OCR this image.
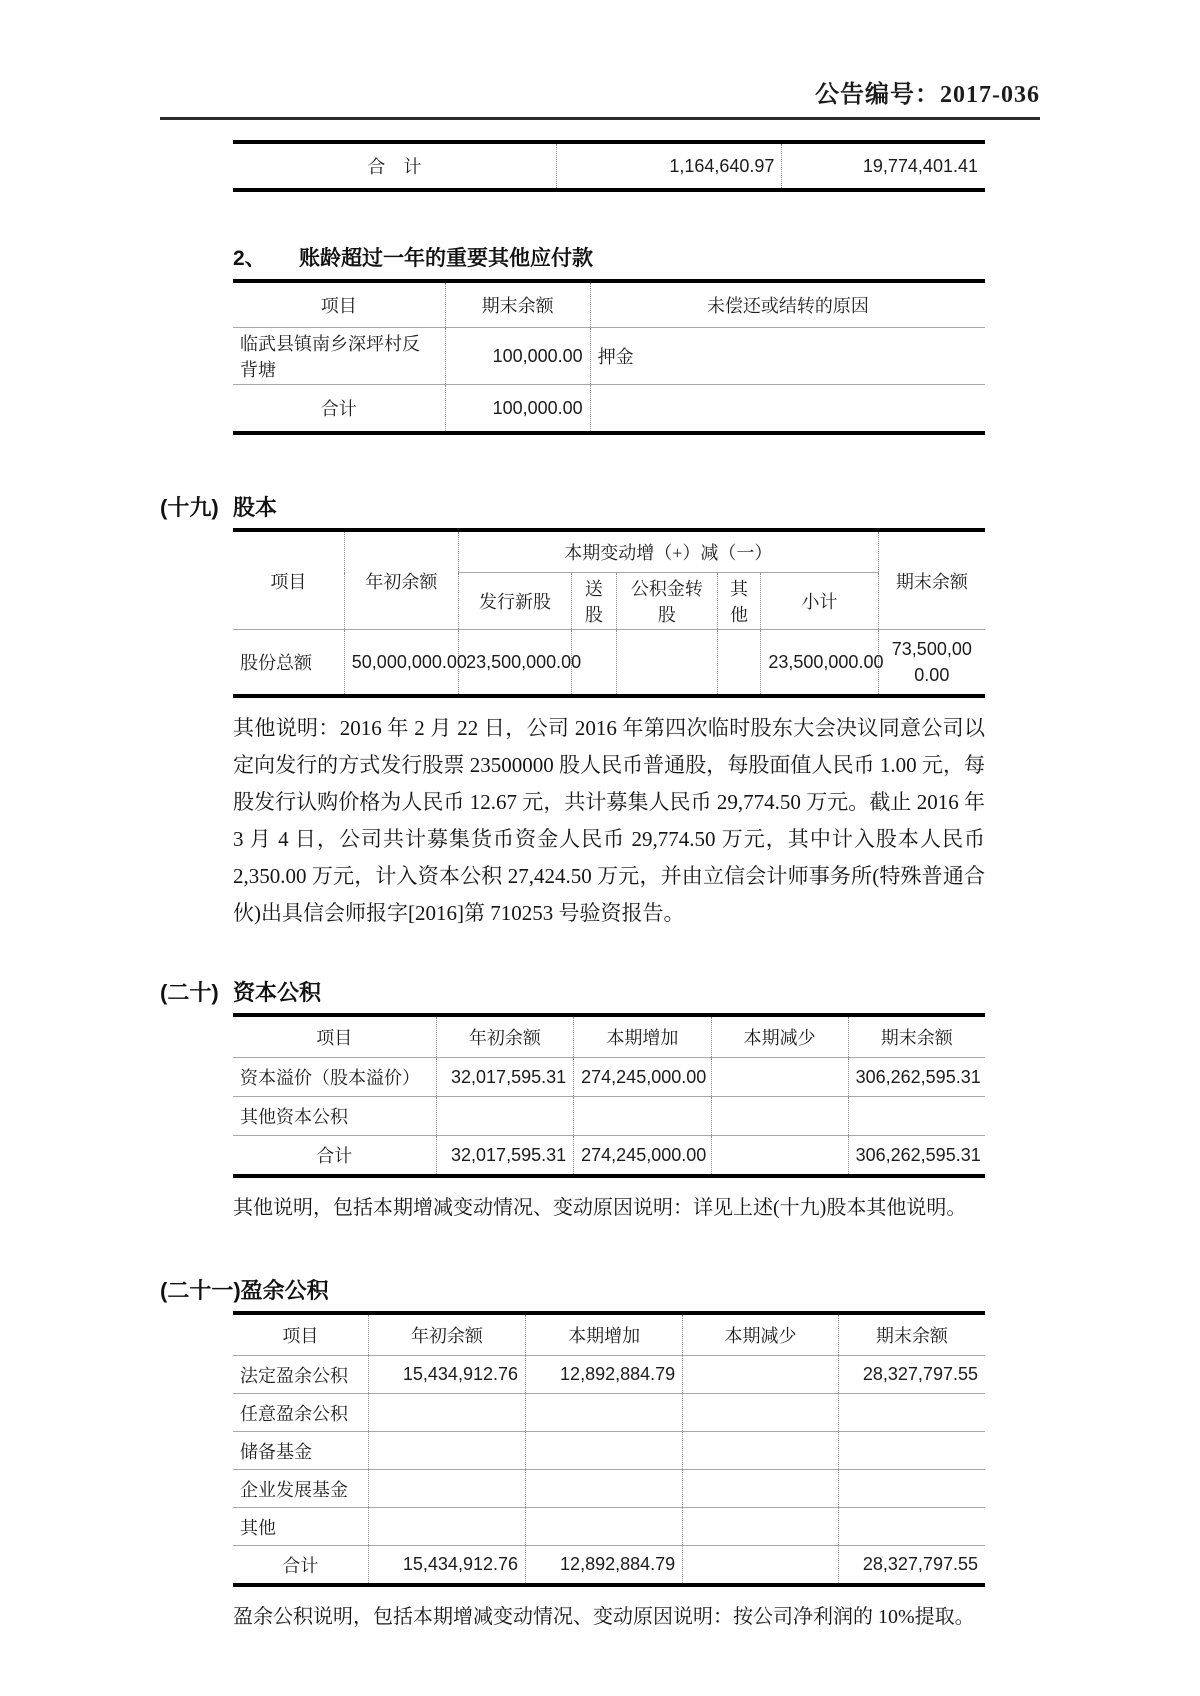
公告编号：2017-036
合　计	1,164,640.97	19,774,401.41
2、	账龄超过一年的重要其他应付款
项目	期末余额	未偿还或结转的原因
临武县镇南乡深坪村反背塘	100,000.00	押金
合计	100,000.00	
(十九) 股本
项目	年初余额	本期变动增（+）减（一）					期末余额
		发行新股	送股	公积金转股	其他	小计	
股份总额	50,000,000.00	23,500,000.00				23,500,000.00	73,500,000.00

其他说明：2016 年 2 月 22 日，公司 2016 年第四次临时股东大会决议同意公司以定向发行的方式发行股票 23500000 股人民币普通股，每股面值人民币 1.00 元，每股发行认购价格为人民币 12.67 元，共计募集人民币 29,774.50 万元。截止 2016 年 3 月 4 日，公司共计募集货币资金人民币 29,774.50 万元，其中计入股本人民币 2,350.00 万元，计入资本公积 27,424.50 万元，并由立信会计师事务所(特殊普通合伙)出具信会师报字[2016]第 710253 号验资报告。

(二十) 资本公积
项目	年初余额	本期增加	本期减少	期末余额
资本溢价（股本溢价）	32,017,595.31	274,245,000.00		306,262,595.31
其他资本公积				
合计	32,017,595.31	274,245,000.00		306,262,595.31

其他说明，包括本期增减变动情况、变动原因说明：详见上述(十九)股本其他说明。

(二十一) 盈余公积
项目	年初余额	本期增加	本期减少	期末余额
法定盈余公积	15,434,912.76	12,892,884.79		28,327,797.55
任意盈余公积				
储备基金				
企业发展基金				
其他				
合计	15,434,912.76	12,892,884.79		28,327,797.55

盈余公积说明，包括本期增减变动情况、变动原因说明：按公司净利润的 10%提取。
